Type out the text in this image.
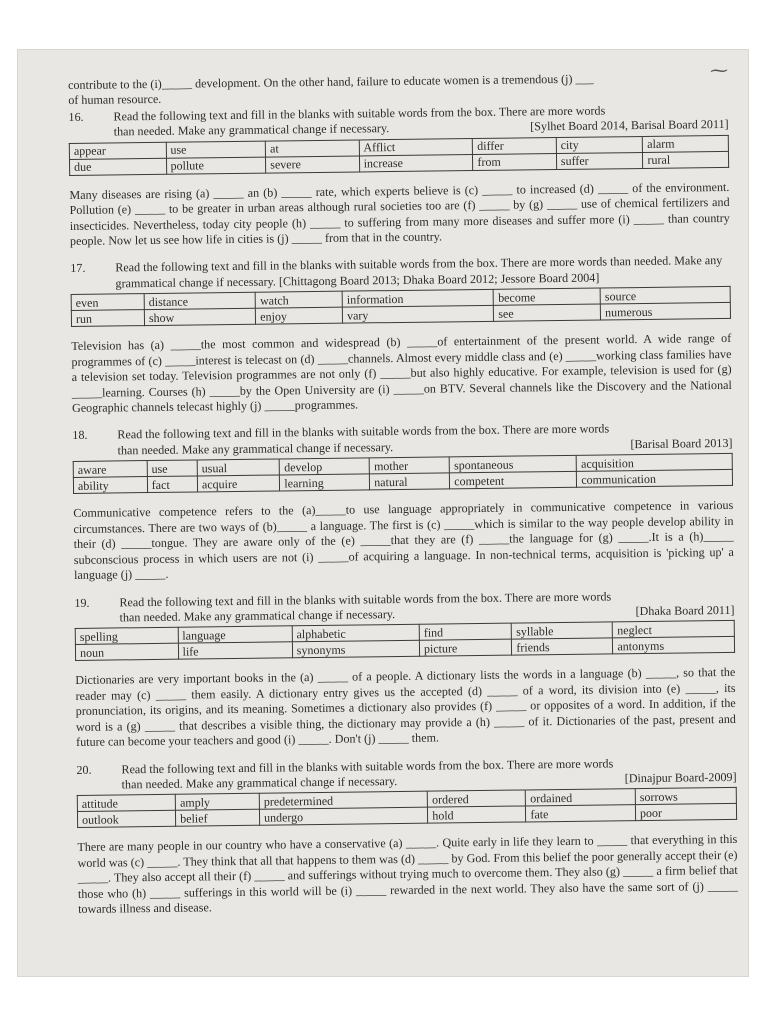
⁓

contribute to the (i)_____ development. On the other hand, failure to educate women is a tremendous (j) ___

of human resource.

16.	Read the following text and fill in the blanks with suitable words from the box. There are more words
than needed. Make any grammatical change if necessary.	[Sylhet Board 2014, Barisal Board 2011]
appear	use	at	Afflict	differ	city	alarm
due	pollute	severe	increase	from	suffer	rural

Many diseases are rising (a) _____ an (b) _____ rate, which experts believe is (c) _____ to increased (d) _____ of the environment. Pollution (e) _____ to be greater in urban areas although rural societies too are (f) _____ by (g) _____ use of chemical fertilizers and insecticides. Nevertheless, today city people (h) _____ to suffering from many more diseases and suffer more (i) _____ than country people. Now let us see how life in cities is (j) _____ from that in the country.

17.	Read the following text and fill in the blanks with suitable words from the box. There are more words than needed. Make any grammatical change if necessary. [Chittagong Board 2013; Dhaka Board 2012; Jessore Board 2004]
even	distance	watch	information	become	source
run	show	enjoy	vary	see	numerous

Television has (a) _____the most common and widespread (b) _____of entertainment of the present world. A wide range of programmes of (c) _____interest is telecast on (d) _____channels. Almost every middle class and (e) _____working class families have a television set today. Television programmes are not only (f) _____but also highly educative. For example, television is used for (g) _____learning. Courses (h) _____by the Open University are (i) _____on BTV. Several channels like the Discovery and the National Geographic channels telecast highly (j) _____programmes.

18.	Read the following text and fill in the blanks with suitable words from the box. There are more words
than needed. Make any grammatical change if necessary.	[Barisal Board 2013]
aware	use	usual	develop	mother	spontaneous	acquisition
ability	fact	acquire	learning	natural	competent	communication

Communicative competence refers to the (a)_____to use language appropriately in communicative competence in various circumstances. There are two ways of (b)_____ a language. The first is (c) _____which is similar to the way people develop ability in their (d) _____tongue. They are aware only of the (e) _____that they are (f) _____the language for (g) _____.It is a (h)_____ subconscious process in which users are not (i) _____of acquiring a language. In non-technical terms, acquisition is 'picking up' a language (j) _____.

19.	Read the following text and fill in the blanks with suitable words from the box. There are more words
than needed. Make any grammatical change if necessary.	[Dhaka Board 2011]
spelling	language	alphabetic	find	syllable	neglect
noun	life	synonyms	picture	friends	antonyms

Dictionaries are very important books in the (a) _____ of a people. A dictionary lists the words in a language (b) _____, so that the reader may (c) _____ them easily. A dictionary entry gives us the accepted (d) _____ of a word, its division into (e) _____, its pronunciation, its origins, and its meaning. Sometimes a dictionary also provides (f) _____ or opposites of a word. In addition, if the word is a (g) _____ that describes a visible thing, the dictionary may provide a (h) _____ of it. Dictionaries of the past, present and future can become your teachers and good (i) _____. Don't (j) _____ them.

20.	Read the following text and fill in the blanks with suitable words from the box. There are more words
than needed. Make any grammatical change if necessary.	[Dinajpur Board-2009]
attitude	amply	predetermined	ordered	ordained	sorrows
outlook	belief	undergo	hold	fate	poor

There are many people in our country who have a conservative (a) _____. Quite early in life they learn to _____ that everything in this world was (c) _____. They think that all that happens to them was (d) _____ by God. From this belief the poor generally accept their (e) _____. They also accept all their (f) _____ and sufferings without trying much to overcome them. They also (g) _____ a firm belief that those who (h) _____ sufferings in this world will be (i) _____ rewarded in the next world. They also have the same sort of (j) _____ towards illness and disease.
